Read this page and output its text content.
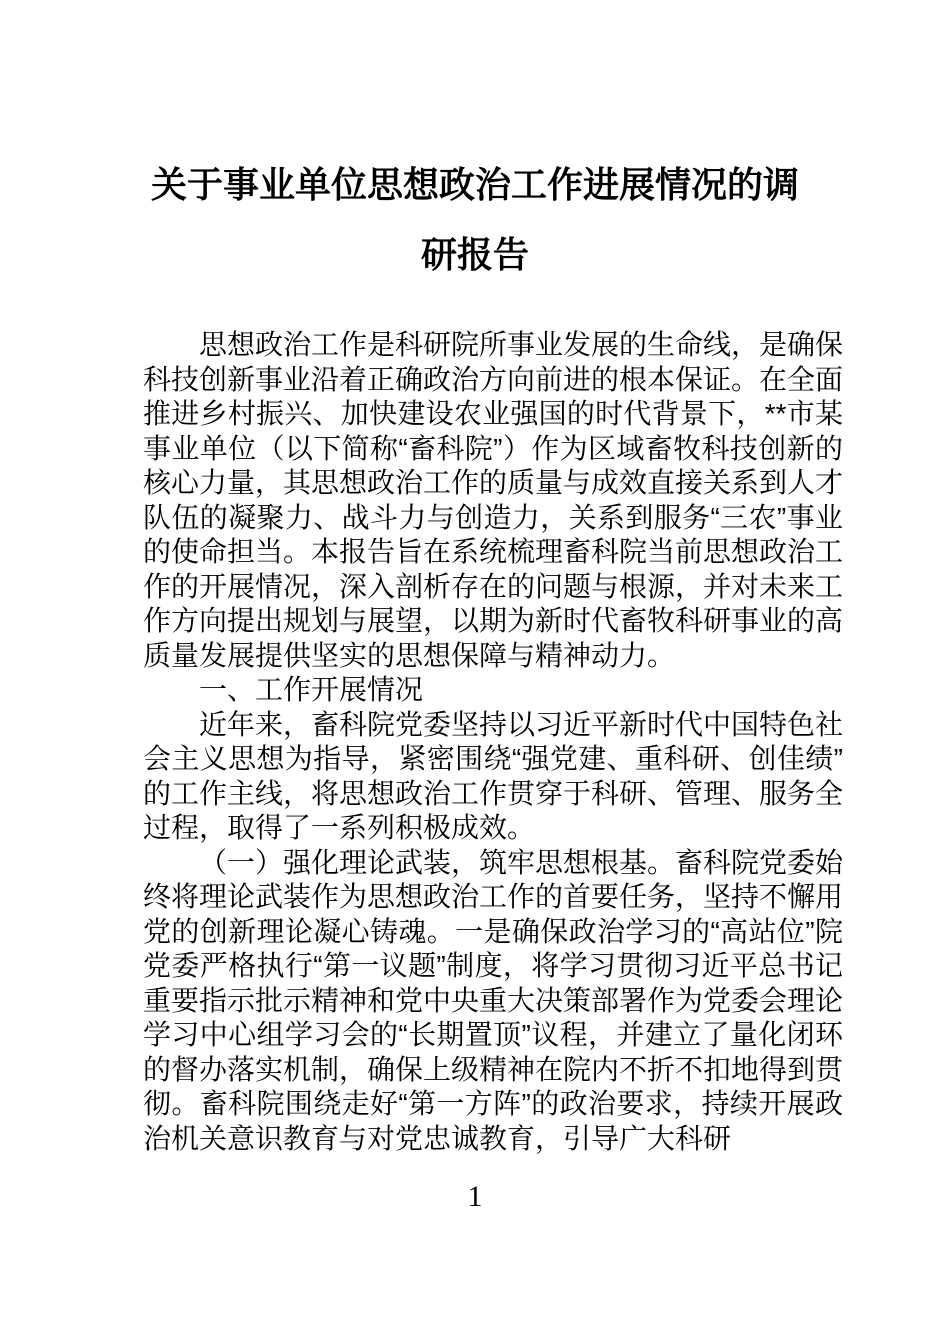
关于事业单位思想政治工作进展情况的调研报告

思想政治工作是科研院所事业发展的生命线，是确保科技创新事业沿着正确政治方向前进的根本保证。在全面推进乡村振兴、加快建设农业强国的时代背景下，**市某事业单位（以下简称“畜科院”）作为区域畜牧科技创新的核心力量，其思想政治工作的质量与成效直接关系到人才队伍的凝聚力、战斗力与创造力，关系到服务“三农”事业的使命担当。本报告旨在系统梳理畜科院当前思想政治工作的开展情况，深入剖析存在的问题与根源，并对未来工作方向提出规划与展望，以期为新时代畜牧科研事业的高质量发展提供坚实的思想保障与精神动力。

一、工作开展情况

近年来，畜科院党委坚持以习近平新时代中国特色社会主义思想为指导，紧密围绕“强党建、重科研、创佳绩”的工作主线，将思想政治工作贯穿于科研、管理、服务全过程，取得了一系列积极成效。

（一）强化理论武装，筑牢思想根基。畜科院党委始终将理论武装作为思想政治工作的首要任务，坚持不懈用党的创新理论凝心铸魂。一是确保政治学习的“高站位”院党委严格执行“第一议题”制度，将学习贯彻习近平总书记重要指示批示精神和党中央重大决策部署作为党委会理论学习中心组学习会的“长期置顶”议程，并建立了量化闭环的督办落实机制，确保上级精神在院内不折不扣地得到贯彻。畜科院围绕走好“第一方阵”的政治要求，持续开展政治机关意识教育与对党忠诚教育，引导广大科研

1
